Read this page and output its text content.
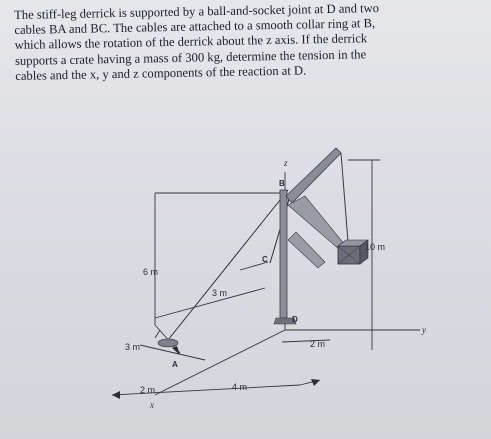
The stiff-leg derrick is supported by a ball-and-socket joint at D and two
cables BA and BC. The cables are attached to a smooth collar ring at B,
which allows the rotation of the derrick about the z axis. If the derrick
supports a crate having a mass of 300 kg, determine the tension in the
cables and the x, y and z components of the reaction at D.
B
C
D
A
z
y
x
6 m
3 m
3 m
2 m	4 m
2 m
10 m
